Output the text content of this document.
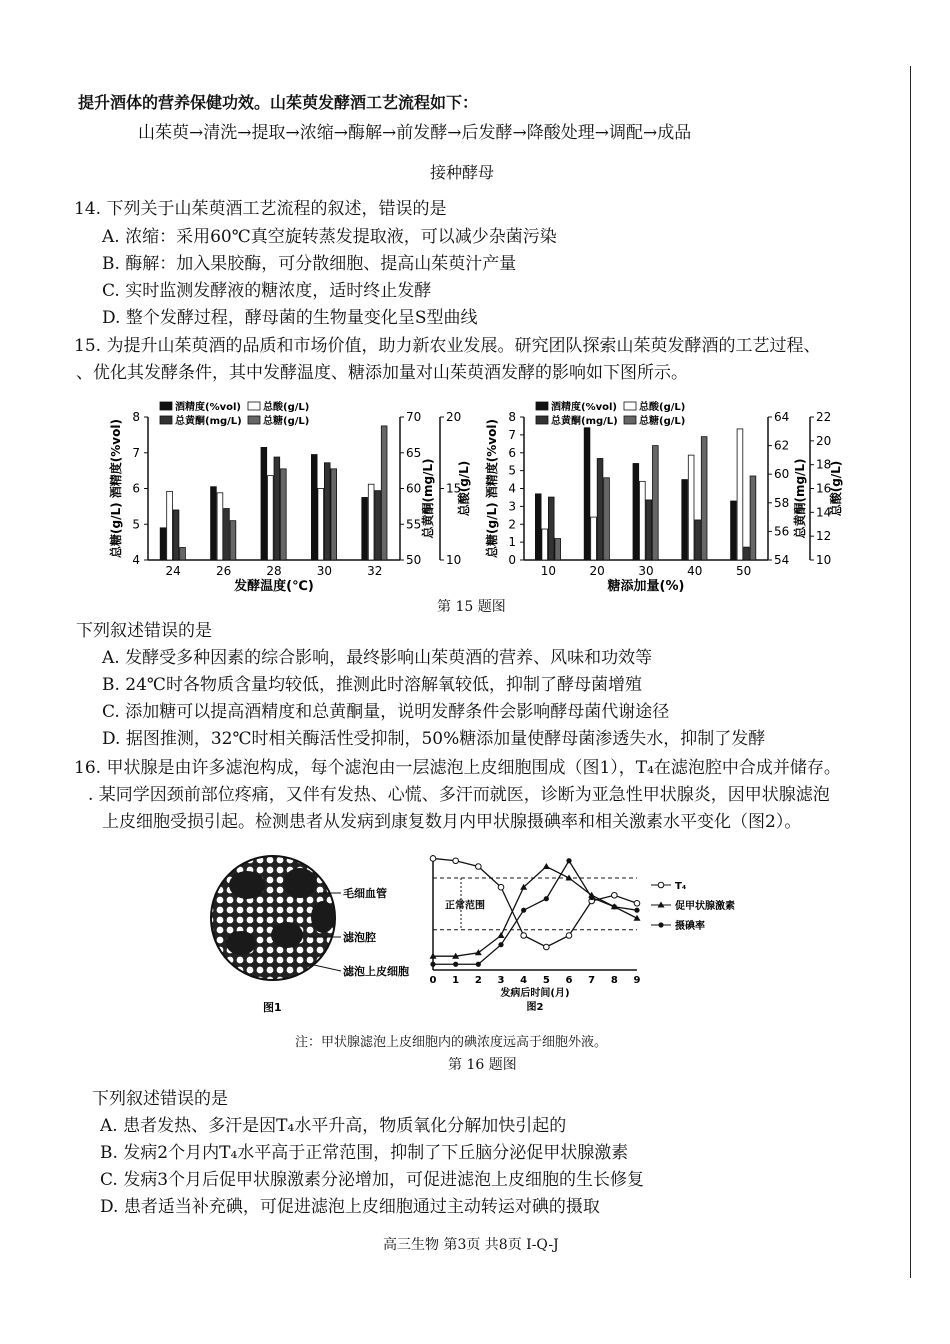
提升酒体的营养保健功效。山茱萸发酵酒工艺流程如下：
山茱萸→清洗→提取→浓缩→酶解→前发酵→后发酵→降酸处理→调配→成品
接种酵母
14. 下列关于山茱萸酒工艺流程的叙述，错误的是
A. 浓缩：采用60℃真空旋转蒸发提取液，可以减少杂菌污染
B. 酶解：加入果胶酶，可分散细胞、提高山茱萸汁产量
C. 实时监测发酵液的糖浓度，适时终止发酵
D. 整个发酵过程，酵母菌的生物量变化呈S型曲线
15. 为提升山茱萸酒的品质和市场价值，助力新农业发展。研究团队探索山茱萸发酵酒的工艺过程、
、优化其发酵条件，其中发酵温度、糖添加量对山茱萸酒发酵的影响如下图所示。
4
5
6
7
8
50
55
60
65
70
10
15
20
总糖(g/L) 酒精度(%vol)	总黄酮(mg/L) 总酸(g/L)
24	26	28	30	32
发酵温度(℃)
酒精度(%vol) 总酸(g/L)
总黄酮(mg/L) 总糖(g/L)
0
1
2
3
4
5
6
7
8
54
56
58
60
62
64
10
12
14
16
18
20
22
总糖(g/L) 酒精度(%vol)	总黄酮(mg/L) 总酸(g/L)
10	20	30	40	50
糖添加量(%)
酒精度(%vol) 总酸(g/L)
总黄酮(mg/L) 总糖(g/L)
第 15 题图
下列叙述错误的是
A. 发酵受多种因素的综合影响，最终影响山茱萸酒的营养、风味和功效等
B. 24℃时各物质含量均较低，推测此时溶解氧较低，抑制了酵母菌增殖
C. 添加糖可以提高酒精度和总黄酮量，说明发酵条件会影响酵母菌代谢途径
D. 据图推测，32℃时相关酶活性受抑制，50%糖添加量使酵母菌渗透失水，抑制了发酵
16. 甲状腺是由许多滤泡构成，每个滤泡由一层滤泡上皮细胞围成（图1），T₄在滤泡腔中合成并储存。
. 某同学因颈前部位疼痛，又伴有发热、心慌、多汗而就医，诊断为亚急性甲状腺炎，因甲状腺滤泡
上皮细胞受损引起。检测患者从发病到康复数月内甲状腺摄碘率和相关激素水平变化（图2）。
毛细血管
滤泡腔
滤泡上皮细胞
图1
正常范围
0 1 2 3 4 5 6 7 8 9
发病后时间(月)
图2
T₄
促甲状腺激素
摄碘率
注：甲状腺滤泡上皮细胞内的碘浓度远高于细胞外液。
第 16 题图
下列叙述错误的是
A. 患者发热、多汗是因T₄水平升高，物质氧化分解加快引起的
B. 发病2个月内T₄水平高于正常范围，抑制了下丘脑分泌促甲状腺激素
C. 发病3个月后促甲状腺激素分泌增加，可促进滤泡上皮细胞的生长修复
D. 患者适当补充碘，可促进滤泡上皮细胞通过主动转运对碘的摄取
高三生物 第3页 共8页 I-Q-J
